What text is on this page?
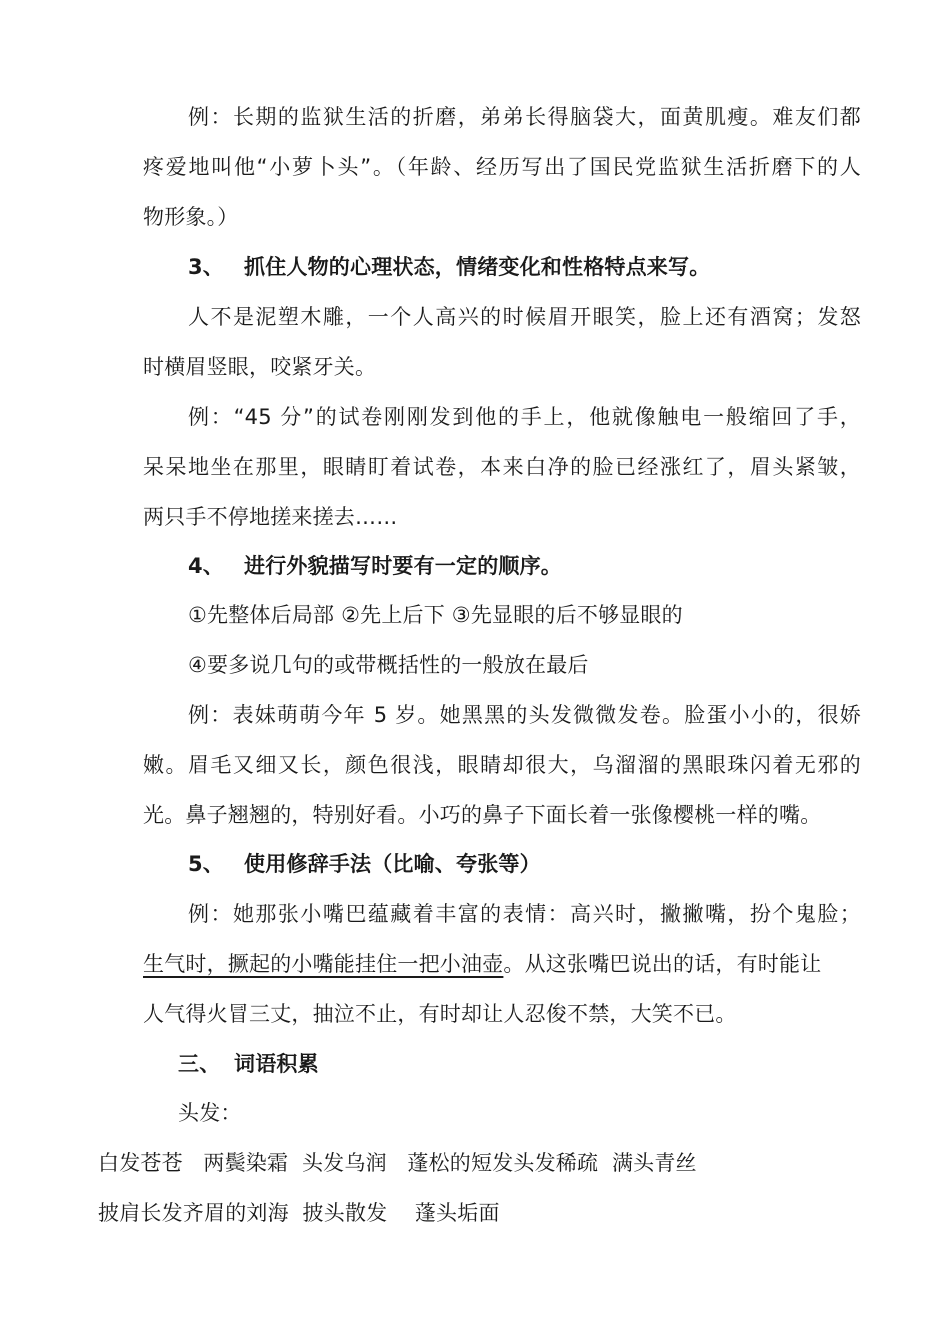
例：长期的监狱生活的折磨，弟弟长得脑袋大，面黄肌瘦。难友们都
疼爱地叫他“小萝卜头”。（年龄、经历写出了国民党监狱生活折磨下的人
物形象。）
3、 抓住人物的心理状态，情绪变化和性格特点来写。
人不是泥塑木雕，一个人高兴的时候眉开眼笑，脸上还有酒窝；发怒
时横眉竖眼，咬紧牙关。
例：“45 分”的试卷刚刚发到他的手上，他就像触电一般缩回了手，
呆呆地坐在那里，眼睛盯着试卷，本来白净的脸已经涨红了，眉头紧皱，
两只手不停地搓来搓去……
4、 进行外貌描写时要有一定的顺序。
①先整体后局部 ②先上后下 ③先显眼的后不够显眼的
④要多说几句的或带概括性的一般放在最后
例：表妹萌萌今年 5 岁。她黑黑的头发微微发卷。脸蛋小小的，很娇
嫩。眉毛又细又长，颜色很浅，眼睛却很大，乌溜溜的黑眼珠闪着无邪的
光。鼻子翘翘的，特别好看。小巧的鼻子下面长着一张像樱桃一样的嘴。
5、 使用修辞手法（比喻、夸张等）
例：她那张小嘴巴蕴藏着丰富的表情：高兴时，撇撇嘴，扮个鬼脸；
生气时，撅起的小嘴能挂住一把小油壶。从这张嘴巴说出的话，有时能让
人气得火冒三丈，抽泣不止，有时却让人忍俊不禁，大笑不已。
三、 词语积累
头发：
白发苍苍   两鬓染霜  头发乌润   蓬松的短发头发稀疏  满头青丝
披肩长发齐眉的刘海  披头散发    蓬头垢面
